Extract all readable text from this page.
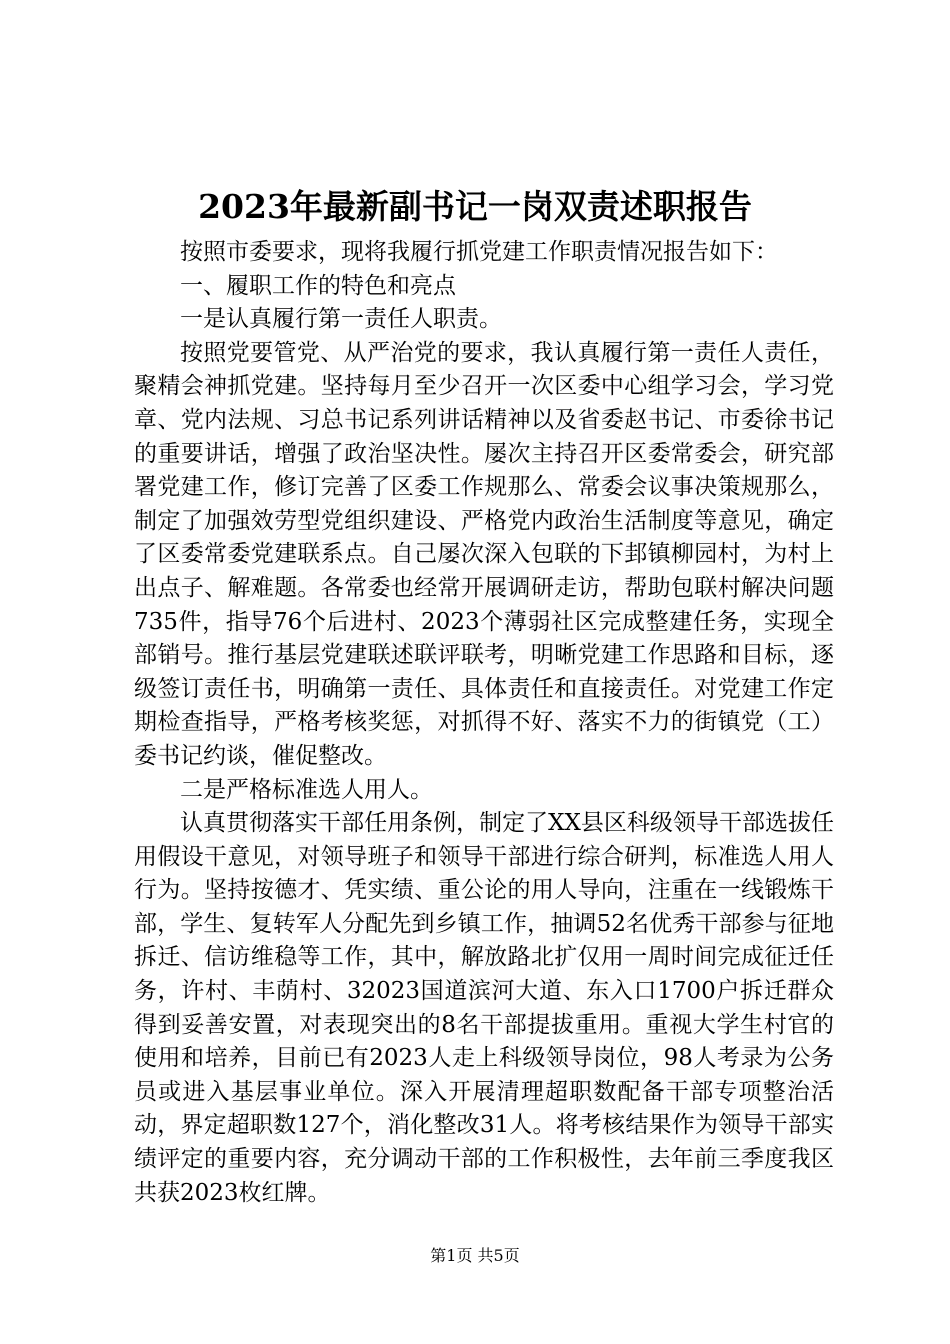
2023年最新副书记一岗双责述职报告

按照市委要求，现将我履行抓党建工作职责情况报告如下：

一、履职工作的特色和亮点

一是认真履行第一责任人职责。

按照党要管党、从严治党的要求，我认真履行第一责任人责任，聚精会神抓党建。坚持每月至少召开一次区委中心组学习会，学习党章、党内法规、习总书记系列讲话精神以及省委赵书记、市委徐书记的重要讲话，增强了政治坚决性。屡次主持召开区委常委会，研究部署党建工作，修订完善了区委工作规那么、常委会议事决策规那么，制定了加强效劳型党组织建设、严格党内政治生活制度等意见，确定了区委常委党建联系点。自己屡次深入包联的下邽镇柳园村，为村上出点子、解难题。各常委也经常开展调研走访，帮助包联村解决问题735件，指导76个后进村、2023个薄弱社区完成整建任务，实现全部销号。推行基层党建联述联评联考，明晰党建工作思路和目标，逐级签订责任书，明确第一责任、具体责任和直接责任。对党建工作定期检查指导，严格考核奖惩，对抓得不好、落实不力的街镇党（工）委书记约谈，催促整改。

二是严格标准选人用人。

认真贯彻落实干部任用条例，制定了XX县区科级领导干部选拔任用假设干意见，对领导班子和领导干部进行综合研判，标准选人用人行为。坚持按德才、凭实绩、重公论的用人导向，注重在一线锻炼干部，学生、复转军人分配先到乡镇工作，抽调52名优秀干部参与征地拆迁、信访维稳等工作，其中，解放路北扩仅用一周时间完成征迁任务，许村、丰荫村、32023国道滨河大道、东入口1700户拆迁群众得到妥善安置，对表现突出的8名干部提拔重用。重视大学生村官的使用和培养，目前已有2023人走上科级领导岗位，98人考录为公务员或进入基层事业单位。深入开展清理超职数配备干部专项整治活动，界定超职数127个，消化整改31人。将考核结果作为领导干部实绩评定的重要内容，充分调动干部的工作积极性，去年前三季度我区共获2023枚红牌。

第1页 共5页
